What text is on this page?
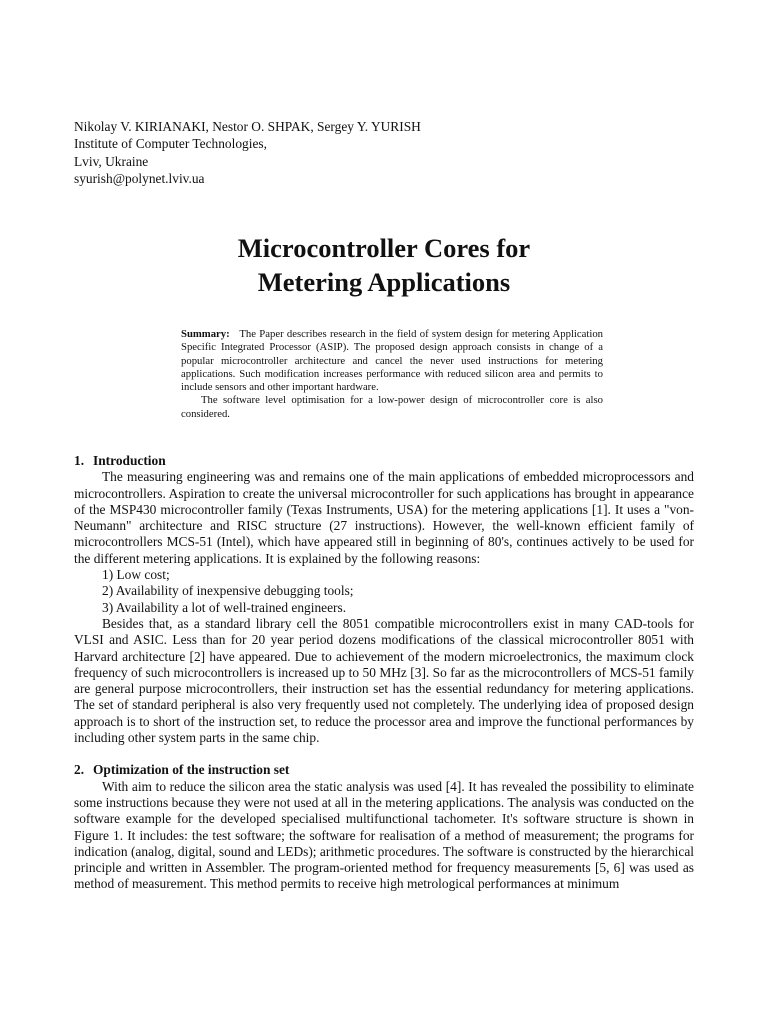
Nikolay V. KIRIANAKI, Nestor O. SHPAK, Sergey Y. YURISH
Institute of Computer Technologies,
Lviv, Ukraine
syurish@polynet.lviv.ua
Microcontroller Cores for
Metering Applications

Summary: The Paper describes research in the field of system design for metering Application Specific Integrated Processor (ASIP). The proposed design approach consists in change of a popular microcontroller architecture and cancel the never used instructions for metering applications. Such modification increases performance with reduced silicon area and permits to include sensors and other important hardware.

The software level optimisation for a low-power design of microcontroller core is also considered.

1. Introduction

The measuring engineering was and remains one of the main applications of embedded microprocessors and microcontrollers. Aspiration to create the universal microcontroller for such applications has brought in appearance of the MSP430 microcontroller family (Texas Instruments, USA) for the metering applications [1]. It uses a "von-Neumann" architecture and RISC structure (27 instructions). However, the well-known efficient family of microcontrollers MCS-51 (Intel), which have appeared still in beginning of 80's, continues actively to be used for the different metering applications. It is explained by the following reasons:

1) Low cost;
2) Availability of inexpensive debugging tools;
3) Availability a lot of well-trained engineers.

Besides that, as a standard library cell the 8051 compatible microcontrollers exist in many CAD-tools for VLSI and ASIC. Less than for 20 year period dozens modifications of the classical microcontroller 8051 with Harvard architecture [2] have appeared. Due to achievement of the modern microelectronics, the maximum clock frequency of such microcontrollers is increased up to 50 MHz [3]. So far as the microcontrollers of MCS-51 family are general purpose microcontrollers, their instruction set has the essential redundancy for metering applications. The set of standard peripheral is also very frequently used not completely. The underlying idea of proposed design approach is to short of the instruction set, to reduce the processor area and improve the functional performances by including other system parts in the same chip.

2. Optimization of the instruction set

With aim to reduce the silicon area the static analysis was used [4]. It has revealed the possibility to eliminate some instructions because they were not used at all in the metering applications. The analysis was conducted on the software example for the developed specialised multifunctional tachometer. It's software structure is shown in Figure 1. It includes: the test software; the software for realisation of a method of measurement; the programs for indication (analog, digital, sound and LEDs); arithmetic procedures. The software is constructed by the hierarchical principle and written in Assembler. The program-oriented method for frequency measurements [5, 6] was used as method of measurement. This method permits to receive high metrological performances at minimum
